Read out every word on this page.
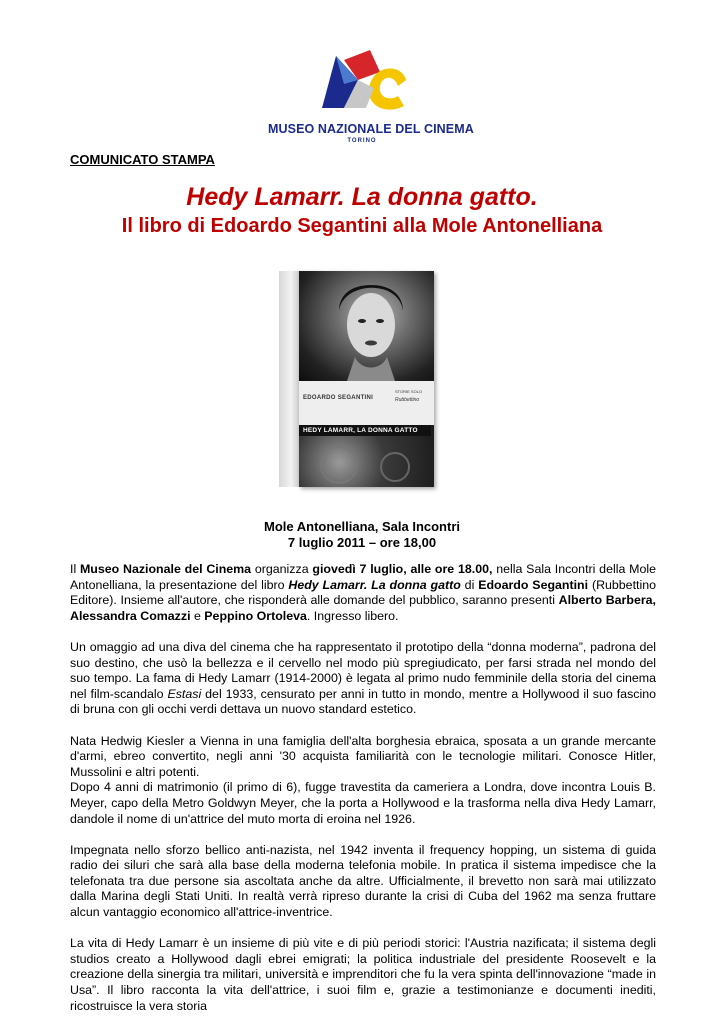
MUSEO NAZIONALE DEL CINEMA
TORINO
COMUNICATO STAMPA
Hedy Lamarr. La donna gatto.
Il libro di Edoardo Segantini alla Mole Antonelliana
EDOARDO SEGANTINI
STORIE SOLO
Rubbettino
HEDY LAMARR, LA DONNA GATTO
Mole Antonelliana, Sala Incontri
7 luglio 2011 – ore 18,00

Il Museo Nazionale del Cinema organizza giovedì 7 luglio, alle ore 18.00, nella Sala Incontri della Mole Antonelliana, la presentazione del libro Hedy Lamarr. La donna gatto di Edoardo Segantini (Rubbettino Editore). Insieme all'autore, che risponderà alle domande del pubblico, saranno presenti Alberto Barbera, Alessandra Comazzi e Peppino Ortoleva. Ingresso libero.

Un omaggio ad una diva del cinema che ha rappresentato il prototipo della “donna moderna”, padrona del suo destino, che usò la bellezza e il cervello nel modo più spregiudicato, per farsi strada nel mondo del suo tempo. La fama di Hedy Lamarr (1914-2000) è legata al primo nudo femminile della storia del cinema nel film-scandalo Estasi del 1933, censurato per anni in tutto in mondo, mentre a Hollywood il suo fascino di bruna con gli occhi verdi dettava un nuovo standard estetico.

Nata Hedwig Kiesler a Vienna in una famiglia dell'alta borghesia ebraica, sposata a un grande mercante d'armi, ebreo convertito, negli anni '30 acquista familiarità con le tecnologie militari. Conosce Hitler, Mussolini e altri potenti.

Dopo 4 anni di matrimonio (il primo di 6), fugge travestita da cameriera a Londra, dove incontra Louis B. Meyer, capo della Metro Goldwyn Meyer, che la porta a Hollywood e la trasforma nella diva Hedy Lamarr, dandole il nome di un'attrice del muto morta di eroina nel 1926.

Impegnata nello sforzo bellico anti-nazista, nel 1942 inventa il frequency hopping, un sistema di guida radio dei siluri che sarà alla base della moderna telefonia mobile. In pratica il sistema impedisce che la telefonata tra due persone sia ascoltata anche da altre. Ufficialmente, il brevetto non sarà mai utilizzato dalla Marina degli Stati Uniti. In realtà verrà ripreso durante la crisi di Cuba del 1962 ma senza fruttare alcun vantaggio economico all'attrice-inventrice.

La vita di Hedy Lamarr è un insieme di più vite e di più periodi storici: l'Austria nazificata; il sistema degli studios creato a Hollywood dagli ebrei emigrati; la politica industriale del presidente Roosevelt e la creazione della sinergia tra militari, università e imprenditori che fu la vera spinta dell'innovazione “made in Usa”. Il libro racconta la vita dell'attrice, i suoi film e, grazie a testimonianze e documenti inediti, ricostruisce la vera storia
